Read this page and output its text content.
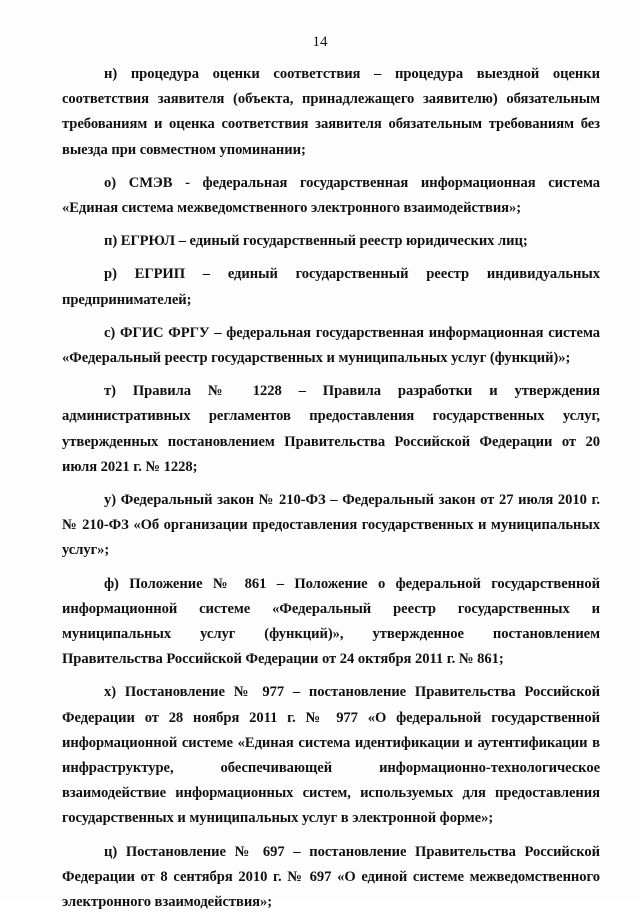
14

н) процедура оценки соответствия – процедура выездной оценки соответствия заявителя (объекта, принадлежащего заявителю) обязательным требованиям и оценка соответствия заявителя обязательным требованиям без выезда при совместном упоминании;

о) СМЭВ - федеральная государственная информационная система «Единая система межведомственного электронного взаимодействия»;

п) ЕГРЮЛ – единый государственный реестр юридических лиц;

р) ЕГРИП – единый государственный реестр индивидуальных предпринимателей;

с) ФГИС ФРГУ – федеральная государственная информационная система «Федеральный реестр государственных и муниципальных услуг (функций)»;

т) Правила № 1228 – Правила разработки и утверждения административных регламентов предоставления государственных услуг, утвержденных постановлением Правительства Российской Федерации от 20 июля 2021 г. № 1228;

у) Федеральный закон № 210-ФЗ – Федеральный закон от 27 июля 2010 г. № 210-ФЗ «Об организации предоставления государственных и муниципальных услуг»;

ф) Положение № 861 – Положение о федеральной государственной информационной системе «Федеральный реестр государственных и муниципальных услуг (функций)», утвержденное постановлением Правительства Российской Федерации от 24 октября 2011 г. № 861;

х) Постановление № 977 – постановление Правительства Российской Федерации от 28 ноября 2011 г. № 977 «О федеральной государственной информационной системе «Единая система идентификации и аутентификации в инфраструктуре, обеспечивающей информационно-технологическое взаимодействие информационных систем, используемых для предоставления государственных и муниципальных услуг в электронной форме»;

ц) Постановление № 697 – постановление Правительства Российской Федерации от 8 сентября 2010 г. № 697 «О единой системе межведомственного электронного взаимодействия»;
